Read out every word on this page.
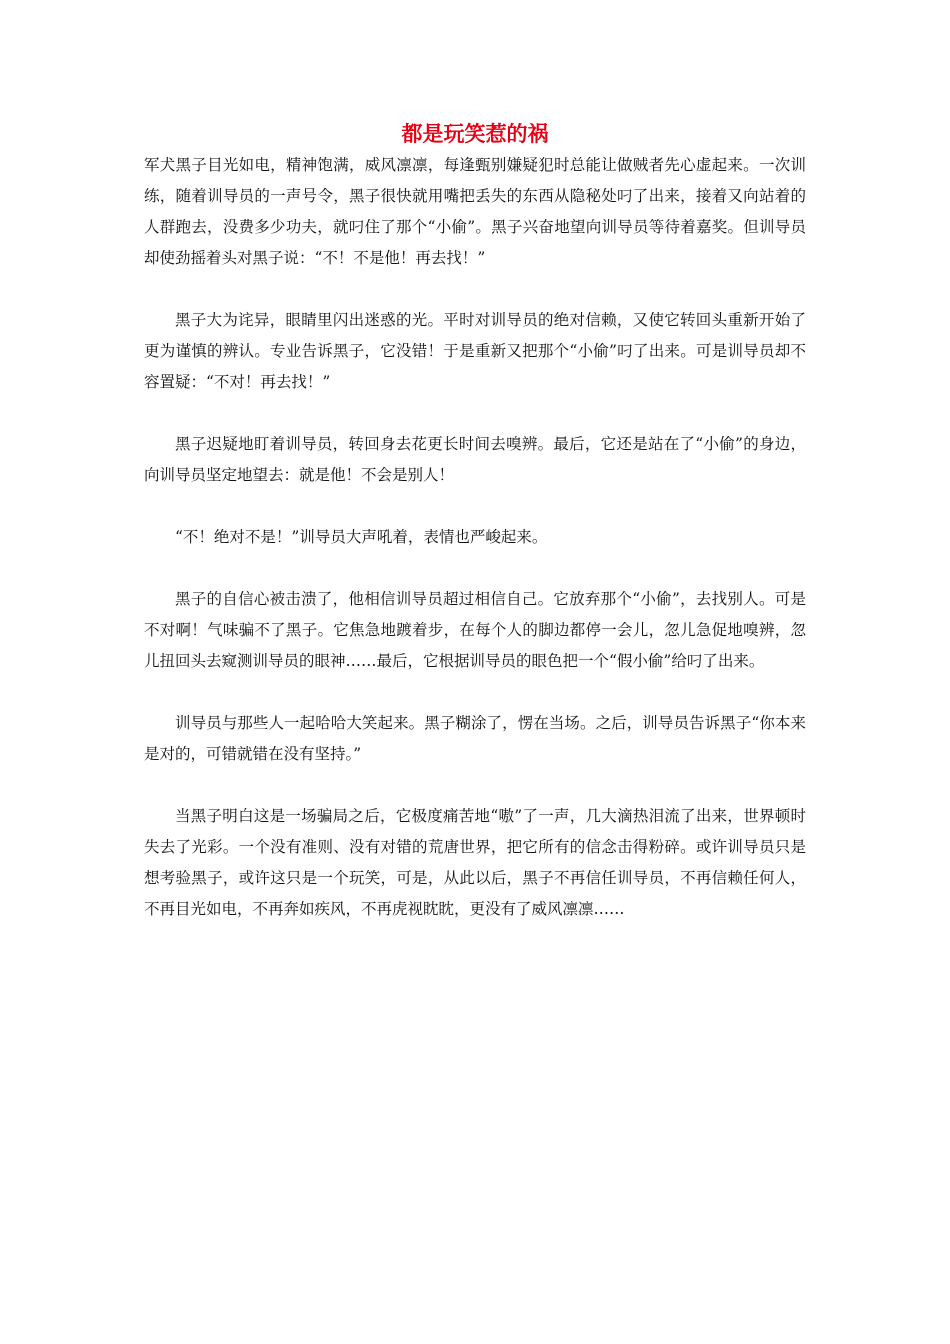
都是玩笑惹的祸

军犬黑子目光如电，精神饱满，威风凛凛，每逢甄别嫌疑犯时总能让做贼者先心虚起来。一次训练，随着训导员的一声号令，黑子很快就用嘴把丢失的东西从隐秘处叼了出来，接着又向站着的人群跑去，没费多少功夫，就叼住了那个“小偷”。黑子兴奋地望向训导员等待着嘉奖。但训导员却使劲摇着头对黑子说：“不！不是他！再去找！”

黑子大为诧异，眼睛里闪出迷惑的光。平时对训导员的绝对信赖，又使它转回头重新开始了更为谨慎的辨认。专业告诉黑子，它没错！于是重新又把那个“小偷”叼了出来。可是训导员却不容置疑：“不对！再去找！”

黑子迟疑地盯着训导员，转回身去花更长时间去嗅辨。最后，它还是站在了“小偷”的身边，向训导员坚定地望去：就是他！不会是别人！

“不！绝对不是！”训导员大声吼着，表情也严峻起来。

黑子的自信心被击溃了，他相信训导员超过相信自己。它放弃那个“小偷”，去找别人。可是不对啊！气味骗不了黑子。它焦急地踱着步，在每个人的脚边都停一会儿，忽儿急促地嗅辨，忽儿扭回头去窥测训导员的眼神……最后，它根据训导员的眼色把一个“假小偷”给叼了出来。

训导员与那些人一起哈哈大笑起来。黑子糊涂了，愣在当场。之后，训导员告诉黑子“你本来是对的，可错就错在没有坚持。”

当黑子明白这是一场骗局之后，它极度痛苦地“嗷”了一声，几大滴热泪流了出来，世界顿时失去了光彩。一个没有准则、没有对错的荒唐世界，把它所有的信念击得粉碎。或许训导员只是想考验黑子，或许这只是一个玩笑，可是，从此以后，黑子不再信任训导员，不再信赖任何人，不再目光如电，不再奔如疾风，不再虎视眈眈，更没有了威风凛凛……
